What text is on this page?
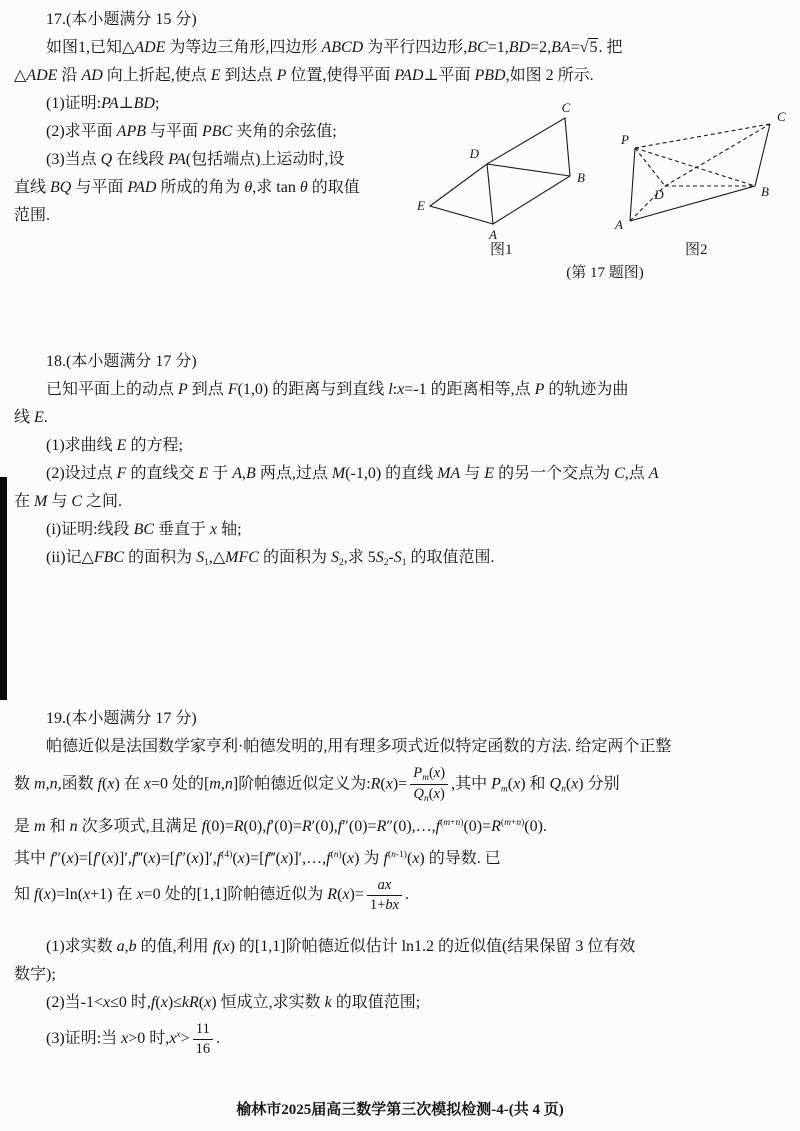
17.(本小题满分 15 分)

如图1,已知△ADE 为等边三角形,四边形 ABCD 为平行四边形,BC=1,BD=2,BA=√5. 把

△ADE 沿 AD 向上折起,使点 E 到达点 P 位置,使得平面 PAD⊥平面 PBD,如图 2 所示.

(1)证明:PA⊥BD;

(2)求平面 APB 与平面 PBC 夹角的余弦值;

(3)当点 Q 在线段 PA(包括端点)上运动时,设

直线 BQ 与平面 PAD 所成的角为 θ,求 tan θ 的取值

范围.

C
D
B
E
A
P
C
D	B
A
图1	图2
(第 17 题图)

18.(本小题满分 17 分)

已知平面上的动点 P 到点 F(1,0) 的距离与到直线 l:x=-1 的距离相等,点 P 的轨迹为曲

线 E.

(1)求曲线 E 的方程;

(2)设过点 F 的直线交 E 于 A,B 两点,过点 M(-1,0) 的直线 MA 与 E 的另一个交点为 C,点 A

在 M 与 C 之间.

(i)证明:线段 BC 垂直于 x 轴;

(ii)记△FBC 的面积为 $S_1,\triangle MFC$ 的面积为 $S_2$,求 $5S_2-S_1$ 的取值范围.

19.(本小题满分 17 分)

帕德近似是法国数学家亨利·帕德发明的,用有理多项式近似特定函数的方法. 给定两个正整

数 m,n,函数 f(x) 在 x=0 处的[m,n]阶帕德近似定义为:R(x)= $\frac{P_m(x)}{Q_n(x)}$ ,其中 $P_m(x)$ 和 $Q_n(x)$ 分别

是 m 和 n 次多项式,且满足 $f(0)=R(0),f'(0)=R'(0),f''(0)=R''(0),\dots,f^{(m+n)}(0)=R^{(m+n)}(0)$.

其中 $f''(x)=[f'(x)]',f‴(x)=[f''(x)]',f^{(4)}(x)=[f‴(x)]',\dots,f^{(n)}(x)$ 为 $f^{(n-1)}(x)$ 的导数. 已

知 f(x)=ln(x+1) 在 x=0 处的[1,1]阶帕德近似为 $R(x)= \frac{ax}{1+bx}$ .

(1)求实数 a,b 的值,利用 f(x) 的[1,1]阶帕德近似估计 ln1.2 的近似值(结果保留 3 位有效

数字);

(2)当-1<x≤0 时,f(x)≤kR(x) 恒成立,求实数 k 的取值范围;

(3)证明:当 x>0 时$,x^x> \frac{11}{16}$ .

榆林市2025届高三数学第三次模拟检测-4-(共 4 页)
